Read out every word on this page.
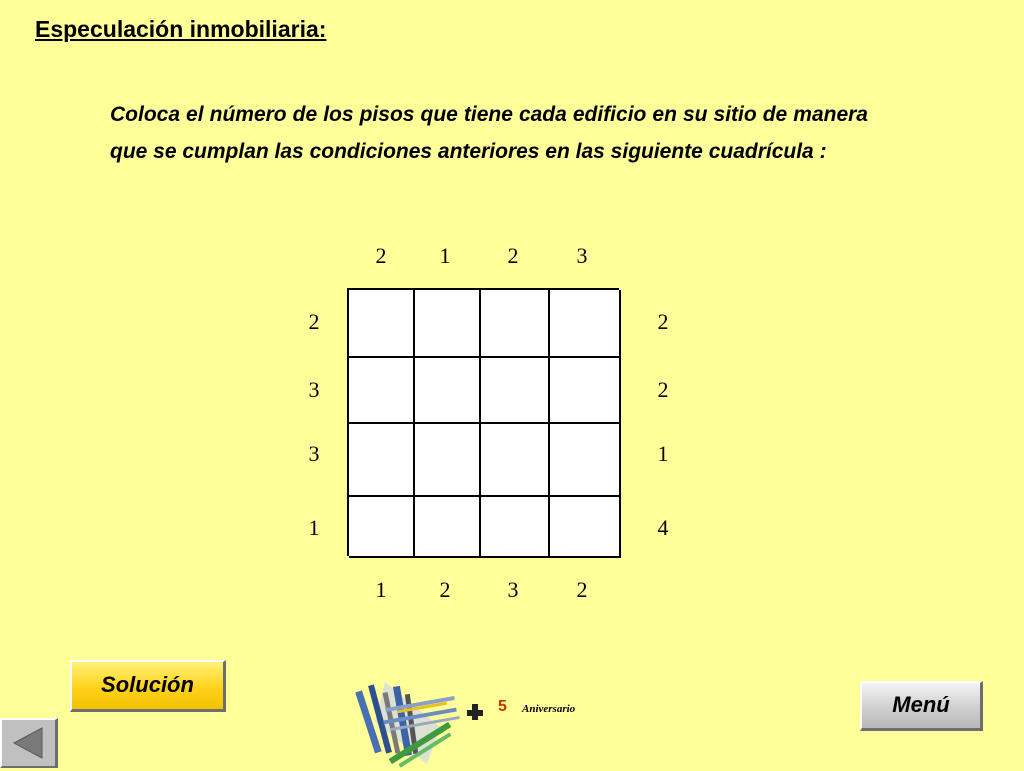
Especulación inmobiliaria:
Coloca el número de los pisos que tiene cada edificio en su sitio de manera que se cumplan las condiciones anteriores en las siguiente cuadrícula :
2	1	2	3
2
3
3
1
2
2
1
4
1	2	3	2
Solución
Menú
5 Aniversario
